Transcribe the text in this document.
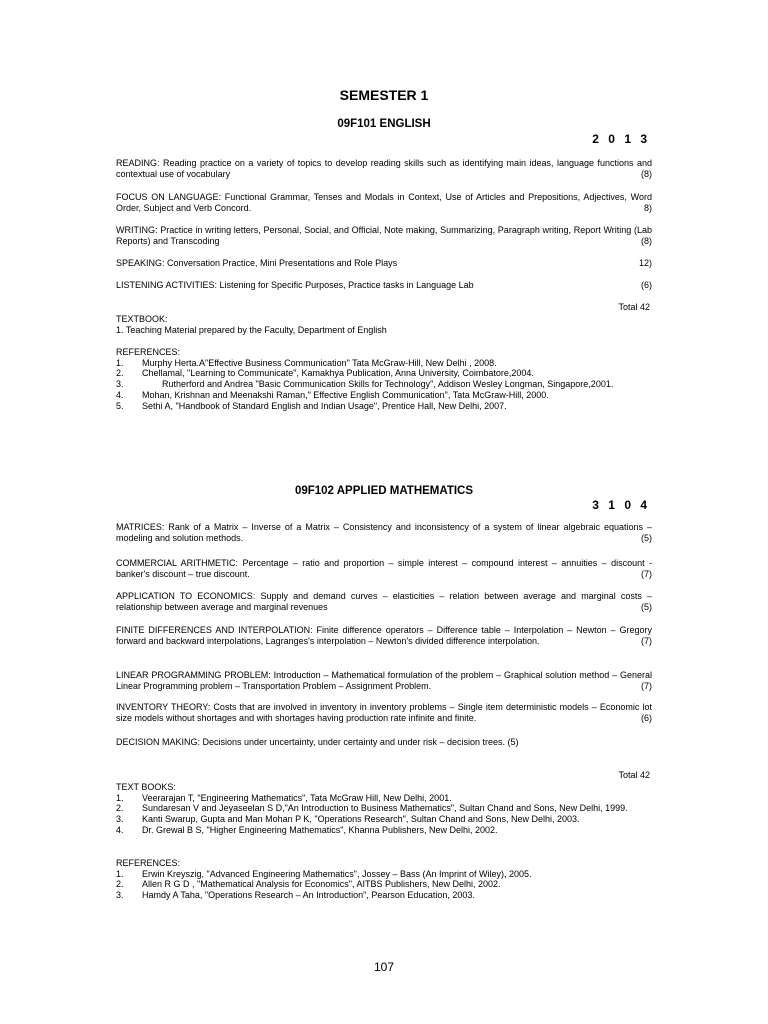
SEMESTER 1
09F101 ENGLISH
2 0 1 3
READING: Reading practice on a variety of topics to develop reading skills such as identifying main ideas, language functions and contextual use of vocabulary	(8)
FOCUS ON LANGUAGE: Functional Grammar, Tenses and Modals in Context, Use of Articles and Prepositions, Adjectives, Word Order, Subject and Verb Concord.	8)
WRITING: Practice in writing letters, Personal, Social, and Official, Note making, Summarizing, Paragraph writing, Report Writing (Lab Reports) and Transcoding	(8)
SPEAKING: Conversation Practice, Mini Presentations and Role Plays	12)
LISTENING ACTIVITIES: Listening for Specific Purposes, Practice tasks in Language Lab	(6)
Total 42
TEXTBOOK:
1. Teaching Material prepared by the Faculty, Department of English
REFERENCES:
1. Murphy Herta.A"Effective Business Communication" Tata McGraw-Hill, New Delhi , 2008.
2. Chellamal, "Learning to Communicate", Kamakhya Publication, Anna University, Coimbatore,2004.
3. Rutherford and Andrea "Basic Communication Skills for Technology", Addison Wesley Longman, Singapore,2001.
4. Mohan, Krishnan and Meenakshi Raman," Effective English Communication", Tata McGraw-Hill, 2000.
5. Sethi A, "Handbook of Standard English and Indian Usage", Prentice Hall, New Delhi, 2007.
09F102 APPLIED MATHEMATICS
3 1 0 4
MATRICES: Rank of a Matrix – Inverse of a Matrix – Consistency and inconsistency of a system of linear algebraic equations – modeling and solution methods.	(5)
COMMERCIAL ARITHMETIC: Percentage – ratio and proportion – simple interest – compound interest – annuities – discount - banker's discount – true discount.	(7)
APPLICATION TO ECONOMICS: Supply and demand curves – elasticities – relation between average and marginal costs – relationship between average and marginal revenues	(5)
FINITE DIFFERENCES AND INTERPOLATION: Finite difference operators – Difference table – Interpolation – Newton – Gregory forward and backward interpolations, Lagranges's interpolation – Newton's divided difference interpolation.	(7)
LINEAR PROGRAMMING PROBLEM: Introduction – Mathematical formulation of the problem – Graphical solution method – General Linear Programming problem – Transportation Problem – Assignment Problem.	(7)
INVENTORY THEORY: Costs that are involved in inventory in inventory problems – Single item deterministic models – Economic lot size models without shortages and with shortages having production rate infinite and finite.	(6)
DECISION MAKING: Decisions under uncertainty, under certainty and under risk – decision trees. (5)
Total 42
TEXT BOOKS:
1. Veerarajan T, "Engineering Mathematics", Tata McGraw Hill, New Delhi, 2001.
2. Sundaresan V and Jeyaseelan S D,"An Introduction to Business Mathematics", Sultan Chand and Sons, New Delhi, 1999.
3. Kanti Swarup, Gupta and Man Mohan P K, "Operations Research", Sultan Chand and Sons, New Delhi, 2003.
4. Dr. Grewal B S, "Higher Engineering Mathematics", Khanna Publishers, New Delhi, 2002.
REFERENCES:
1. Erwin Kreyszig, "Advanced Engineering Mathematics", Jossey – Bass (An Imprint of Wiley), 2005.
2. Allen R G D , "Mathematical Analysis for Economics", AITBS Publishers, New Delhi, 2002.
3. Hamdy A Taha, "Operations Research – An Introduction", Pearson Education, 2003.
107
